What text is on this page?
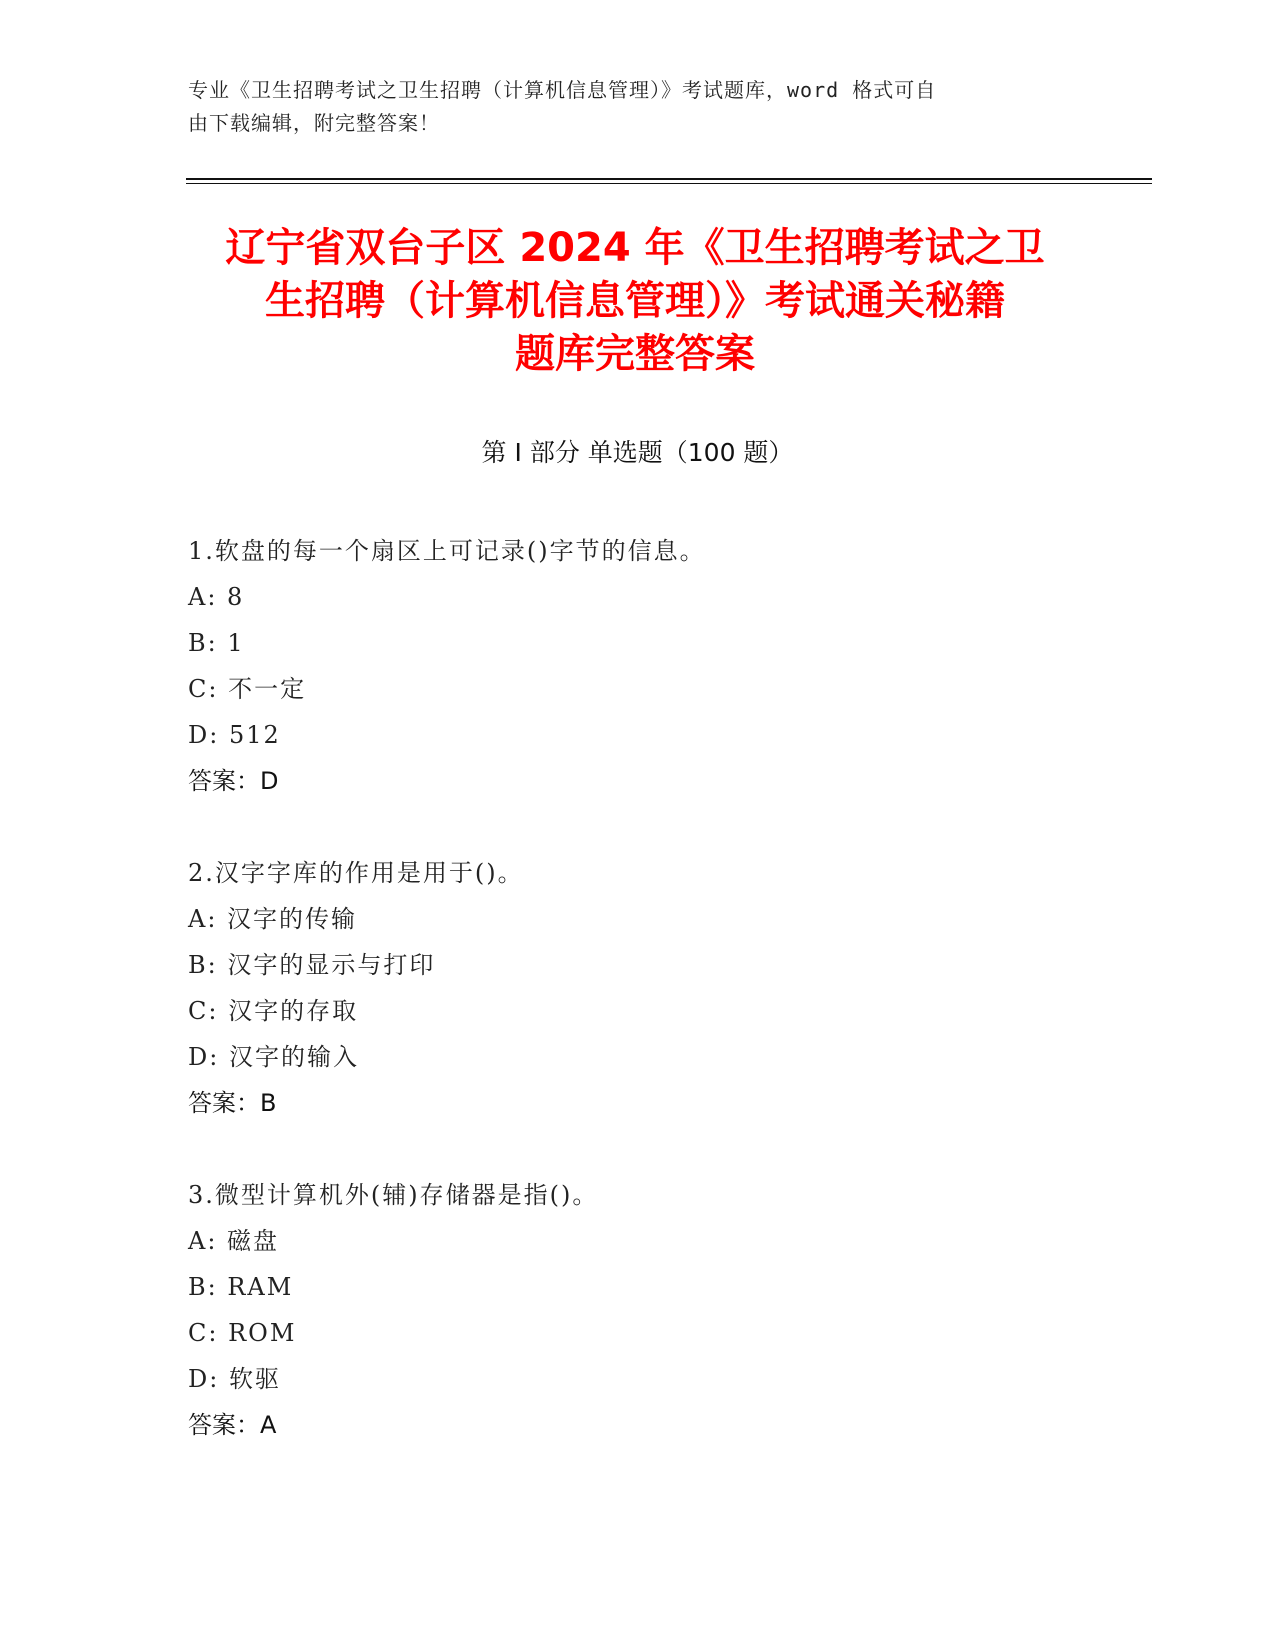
专业《卫生招聘考试之卫生招聘（计算机信息管理）》考试题库，word 格式可自
由下载编辑，附完整答案！
辽宁省双台子区 2024 年《卫生招聘考试之卫
生招聘（计算机信息管理）》考试通关秘籍
题库完整答案
第 I 部分 单选题（100 题）
1.软盘的每一个扇区上可记录()字节的信息。
A: 8
B: 1
C: 不一定
D: 512
答案：D
2.汉字字库的作用是用于()。
A: 汉字的传输
B: 汉字的显示与打印
C: 汉字的存取
D: 汉字的输入
答案：B
3.微型计算机外(辅)存储器是指()。
A: 磁盘
B: RAM
C: ROM
D: 软驱
答案：A
